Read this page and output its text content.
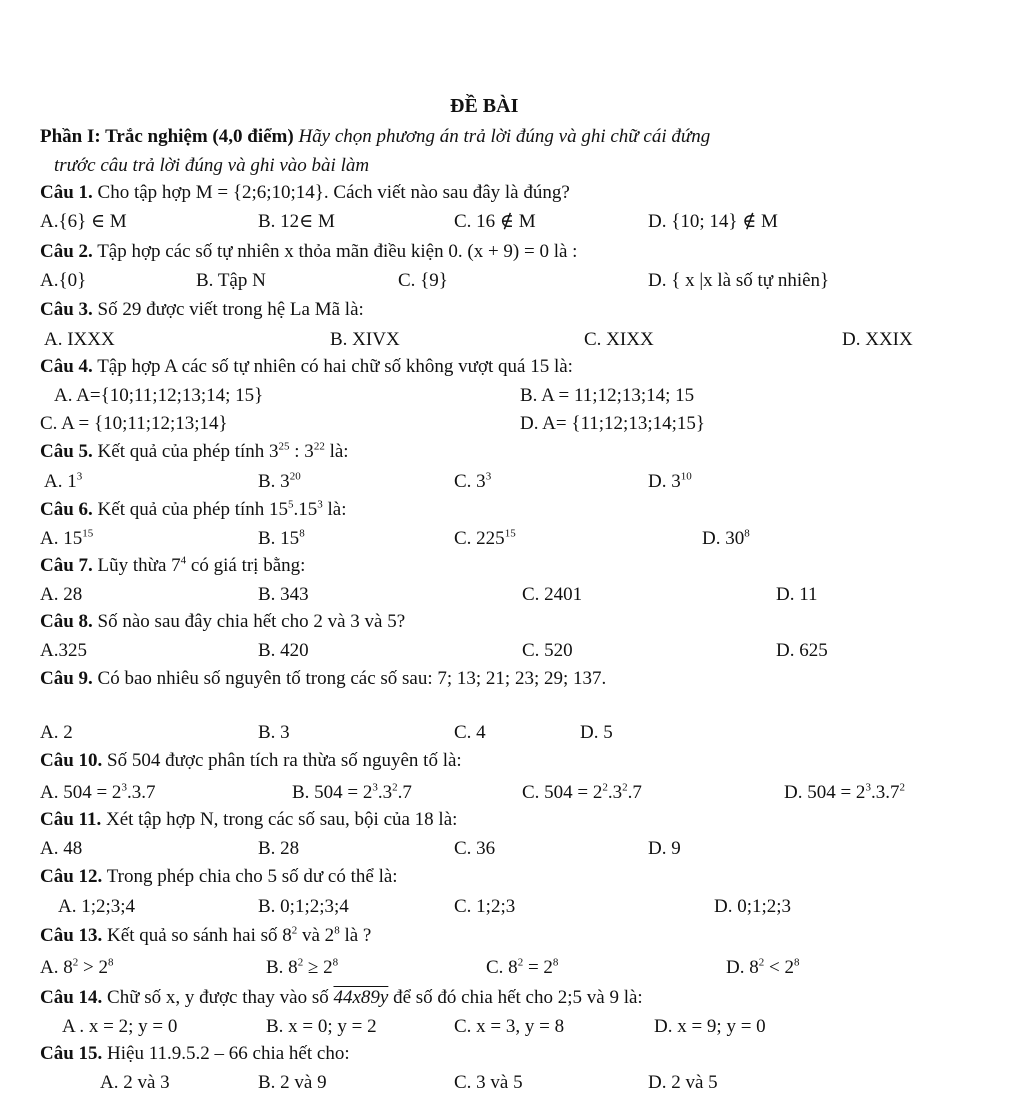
ĐỀ BÀI
Phần I: Trắc nghiệm (4,0 điểm) Hãy chọn phương án trả lời đúng và ghi chữ cái đứng
trước câu trả lời đúng và ghi vào bài làm
Câu 1. Cho tập hợp M = {2;6;10;14}. Cách viết nào sau đây là đúng?
A.{6} ∈ M	B. 12∈ M	C. 16 ∉ M	D. {10; 14} ∉ M
Câu 2. Tập hợp các số tự nhiên x thỏa mãn điều kiện 0. (x + 9) = 0 là :
A.{0}	B. Tập N	C. {9}	D. { x |x là số tự nhiên}
Câu 3. Số 29 được viết trong hệ La Mã là:
A. IXXX	B. XIVX	C. XIXX	D. XXIX
Câu 4. Tập hợp A các số tự nhiên có hai chữ số không vượt quá 15 là:
A. A={10;11;12;13;14; 15}	B. A = 11;12;13;14; 15
C. A = {10;11;12;13;14}	D. A= {11;12;13;14;15}
Câu 5. Kết quả của phép tính $3^{25}$ : $3^{22}$ là:
A. $1^3$	B. $3^{20}$	C. $3^3$	D. $3^{10}$
Câu 6. Kết quả của phép tính $15^5.15^3$ là:
A. $15^{15}$	B. $15^8$	C. $225^{15}$	D. $30^8$
Câu 7. Lũy thừa $7^4$ có giá trị bằng:
A. 28	B. 343	C. 2401	D. 11
Câu 8. Số nào sau đây chia hết cho 2 và 3 và 5?
A.325	B. 420	C. 520	D. 625
Câu 9. Có bao nhiêu số nguyên tố trong các số sau: 7; 13; 21; 23; 29; 137.
A. 2	B. 3	C. 4	D. 5
Câu 10. Số 504 được phân tích ra thừa số nguyên tố là:
A. $504 = 2^3.3.7$	B. $504 = 2^3.3^2.7$	C. $504 = 2^2.3^2.7$	D. $504 = 2^3.3.7^2$
Câu 11. Xét tập hợp N, trong các số sau, bội của 18 là:
A. 48	B. 28	C. 36	D. 9
Câu 12. Trong phép chia cho 5 số dư có thể là:
A. 1;2;3;4	B. 0;1;2;3;4	C. 1;2;3	D. 0;1;2;3
Câu 13. Kết quả so sánh hai số $8^2$ và $2^8$ là ?
A. $8^2 > 2^8$	B. $8^2 \ge 2^8$	C. $8^2 = 2^8$	D. $8^2 < 2^8$
Câu 14. Chữ số x, y được thay vào số 44x89y để số đó chia hết cho 2;5 và 9 là:
A . x = 2; y = 0	B. x = 0; y = 2	C. x = 3, y = 8	D. x = 9; y = 0
Câu 15. Hiệu 11.9.5.2 – 66 chia hết cho:
A. 2 và 3	B. 2 và 9	C. 3 và 5	D. 2 và 5
